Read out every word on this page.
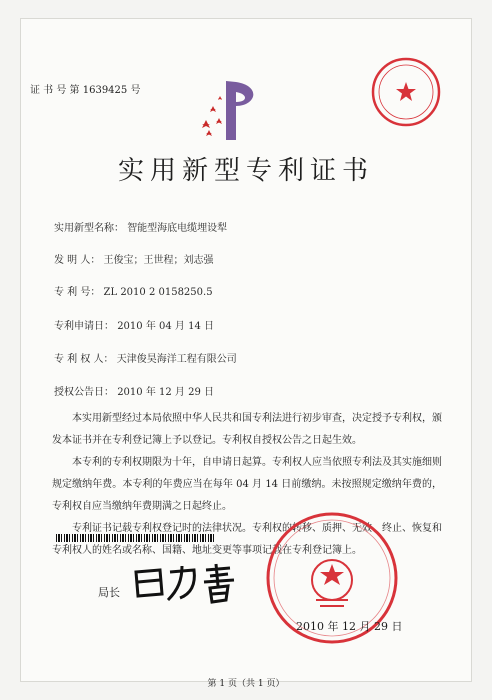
证 书 号 第 1639425 号
实用新型专利证书
实用新型名称： 智能型海底电缆埋设犁
发 明 人： 王俊宝；王世程；刘志强
专 利 号： ZL 2010 2 0158250.5
专利申请日： 2010 年 04 月 14 日
专 利 权 人： 天津俊昊海洋工程有限公司
授权公告日： 2010 年 12 月 29 日

本实用新型经过本局依照中华人民共和国专利法进行初步审查，决定授予专利权，颁发本证书并在专利登记簿上予以登记。专利权自授权公告之日起生效。

本专利的专利权期限为十年，自申请日起算。专利权人应当依照专利法及其实施细则规定缴纳年费。本专利的年费应当在每年 04 月 14 日前缴纳。未按照规定缴纳年费的，专利权自应当缴纳年费期满之日起终止。

专利证书记载专利权登记时的法律状况。专利权的转移、质押、无效、终止、恢复和专利权人的姓名或名称、国籍、地址变更等事项记载在专利登记簿上。

局长
2010 年 12 月 29 日
第 1 页（共 1 页）
